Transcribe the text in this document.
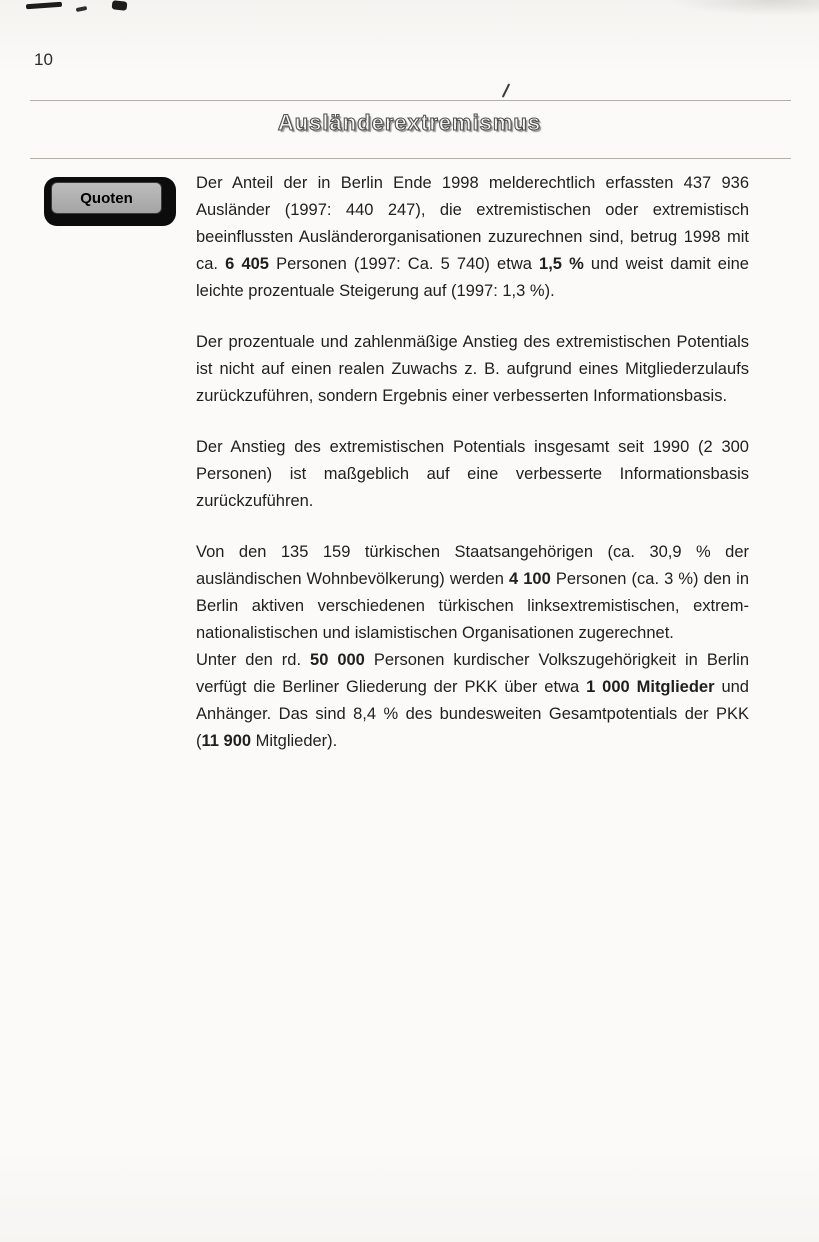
10
Ausländerextremismus
Quoten

Der Anteil der in Berlin Ende 1998 melderechtlich erfassten 437 936 Ausländer (1997: 440 247), die extremistischen oder extremistisch beeinflussten Ausländerorganisationen zuzurechnen sind, betrug 1998 mit ca. 6 405 Personen (1997: Ca. 5 740) etwa 1,5 % und weist damit eine leichte prozentuale Steigerung auf (1997: 1,3 %).

Der prozentuale und zahlenmäßige Anstieg des extremistischen Potentials ist nicht auf einen realen Zuwachs z. B. aufgrund eines Mitgliederzulaufs zurückzuführen, sondern Ergebnis einer verbesserten Informationsbasis.

Der Anstieg des extremistischen Potentials insgesamt seit 1990 (2 300 Personen) ist maßgeblich auf eine verbesserte Informationsbasis zurückzuführen.

Von den 135 159 türkischen Staatsangehörigen (ca. 30,9 % der ausländischen Wohnbevölkerung) werden 4 100 Personen (ca. 3 %) den in Berlin aktiven verschiedenen türkischen linksextremistischen, extrem-nationalistischen und islamistischen Organisationen zugerechnet.

Unter den rd. 50 000 Personen kurdischer Volkszugehörigkeit in Berlin verfügt die Berliner Gliederung der PKK über etwa 1 000 Mitglieder und Anhänger. Das sind 8,4 % des bundesweiten Gesamtpotentials der PKK (11 900 Mitglieder).
